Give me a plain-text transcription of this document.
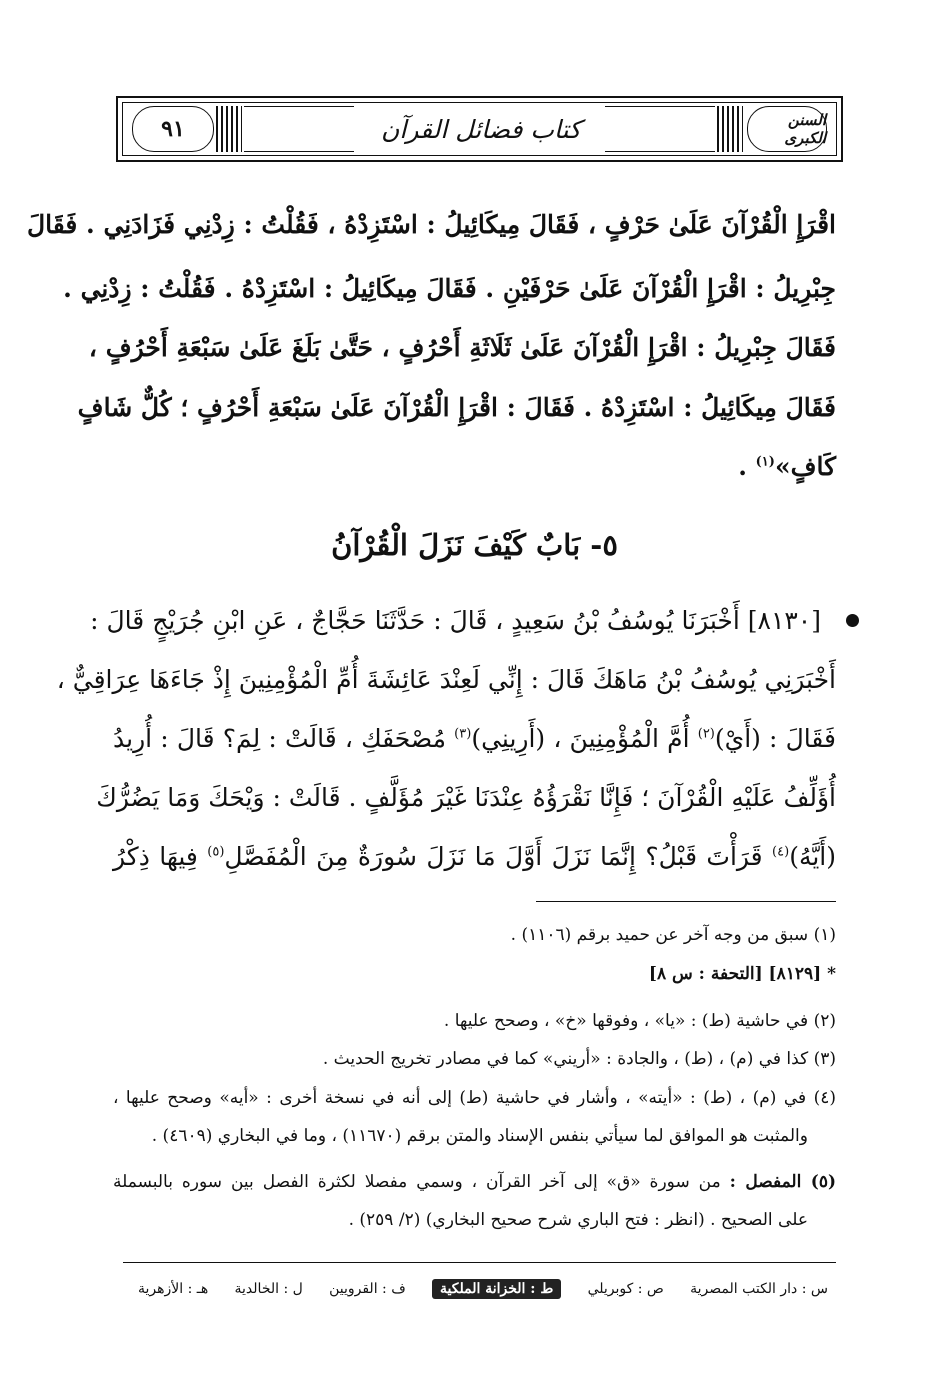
السنن الكبرى
كتاب فضائل القرآن
٩١
اقْرَإِ الْقُرْآنَ عَلَىٰ حَرْفٍ ، فَقَالَ مِيكَائِيلُ : اسْتَزِدْهُ ، فَقُلْتُ : زِدْنِي فَزَادَنِي . فَقَالَ
جِبْرِيلُ : اقْرَإِ الْقُرْآنَ عَلَىٰ حَرْفَيْنِ . فَقَالَ مِيكَائِيلُ : اسْتَزِدْهُ . فَقُلْتُ : زِدْنِي .
فَقَالَ جِبْرِيلُ : اقْرَإِ الْقُرْآنَ عَلَىٰ ثَلَاثَةِ أَحْرُفٍ ، حَتَّىٰ بَلَغَ عَلَىٰ سَبْعَةِ أَحْرُفٍ ،
فَقَالَ مِيكَائِيلُ : اسْتَزِدْهُ . فَقَالَ : اقْرَإِ الْقُرْآنَ عَلَىٰ سَبْعَةِ أَحْرُفٍ ؛ كُلٌّ شَافٍ
كَافٍ»$^{(١)}$ .
٥- بَابٌ كَيْفَ نَزَلَ الْقُرْآنُ
[٨١٣٠] أَخْبَرَنَا يُوسُفُ بْنُ سَعِيدٍ ، قَالَ : حَدَّثَنَا حَجَّاجٌ ، عَنِ ابْنِ جُرَيْجٍ قَالَ :
أَخْبَرَنِي يُوسُفُ بْنُ مَاهَكَ قَالَ : إِنِّي لَعِنْدَ عَائِشَةَ أُمِّ الْمُؤْمِنِينَ إِذْ جَاءَهَا عِرَاقِيٌّ ،
فَقَالَ : (أَيْ)$^{(٢)}$ أُمَّ الْمُؤْمِنِينَ ، (أَرِينِي)$^{(٣)}$ مُصْحَفَكِ ، قَالَتْ : لِمَ؟ قَالَ : أُرِيدُ
أُؤَلِّفُ عَلَيْهِ الْقُرْآنَ ؛ فَإِنَّا نَقْرَؤُهُ عِنْدَنَا غَيْرَ مُؤَلَّفٍ . قَالَتْ : وَيْحَكَ وَمَا يَضُرُّكَ
(أَيَّهُ)$^{(٤)}$ قَرَأْتَ قَبْلُ؟ إِنَّمَا نَزَلَ أَوَّلَ مَا نَزَلَ سُورَةٌ مِنَ الْمُفَصَّلِ$^{(٥)}$ فِيهَا ذِكْرُ
(١) سبق من وجه آخر عن حميد برقم (١١٠٦) .
* [٨١٢٩] [التحفة : س ٨]
(٢) في حاشية (ط) : «يا» ، وفوقها «خ» ، وصحح عليها .
(٣) كذا في (م) ، (ط) ، والجادة : «أريني» كما في مصادر تخريج الحديث .
(٤) في (م) ، (ط) : «أيته» ، وأشار في حاشية (ط) إلى أنه في نسخة أخرى : «أيه» وصحح عليها ،
والمثبت هو الموافق لما سيأتي بنفس الإسناد والمتن برقم (١١٦٧٠) ، وما في البخاري (٤٦٠٩) .
(٥) المفصل : من سورة «ق» إلى آخر القرآن ، وسمي مفصلا لكثرة الفصل بين سوره بالبسملة
على الصحيح . (انظر : فتح الباري شرح صحيح البخاري) (٢/ ٢٥٩) .
س : دار الكتب المصرية
ص : كوبريلي
ط : الخزانة الملكية
ف : القرويين
ل : الخالدية
هـ : الأزهرية
